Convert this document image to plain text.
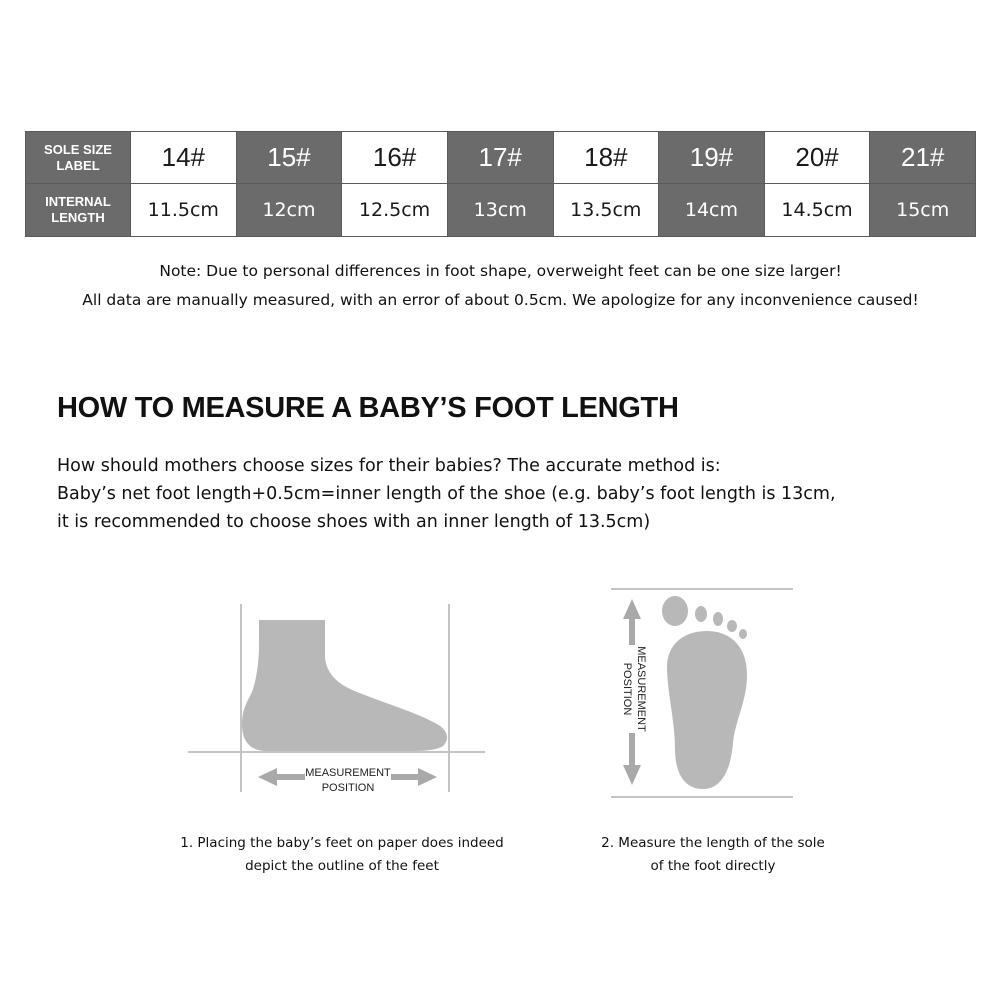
SOLE SIZE
LABEL	14#	15#	16#	17#	18#	19#	20#	21#

INTERNAL
LENGTH	11.5cm	12cm	12.5cm	13cm	13.5cm	14cm	14.5cm	15cm
Note: Due to personal differences in foot shape, overweight feet can be one size larger!
All data are manually measured, with an error of about 0.5cm. We apologize for any inconvenience caused!
HOW TO MEASURE A BABY’S FOOT LENGTH
How should mothers choose sizes for their babies? The accurate method is:
Baby’s net foot length+0.5cm=inner length of the shoe (e.g. baby’s foot length is 13cm,
it is recommended to choose shoes with an inner length of 13.5cm)
MEASUREMENT
POSITION
MEASUREMENT
POSITION
1. Placing the baby’s feet on paper does indeed
depict the outline of the feet
2. Measure the length of the sole
of the foot directly
